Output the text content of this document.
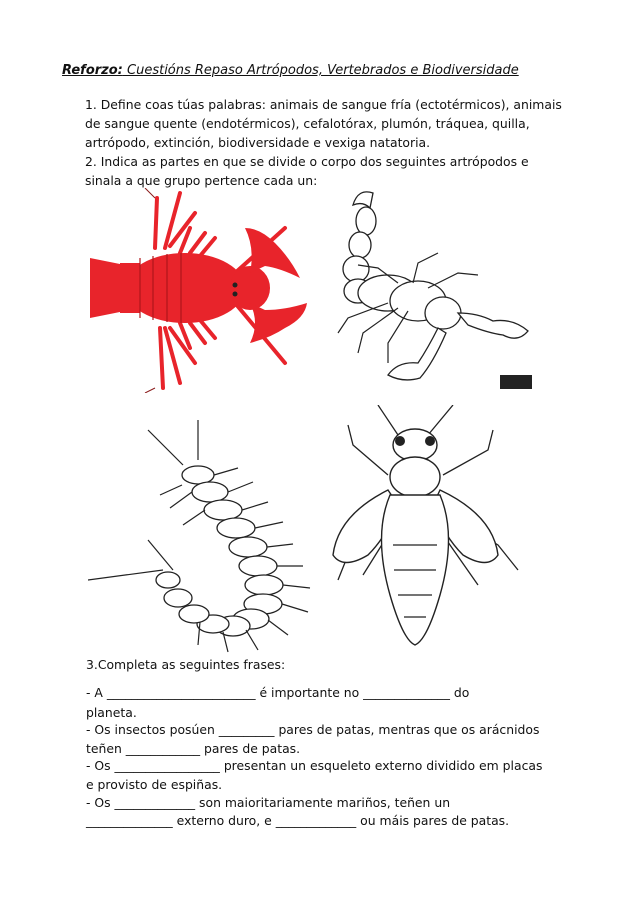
Reforzo: Cuestións Repaso Artrópodos, Vertebrados e Biodiversidade
1. Define coas túas palabras: animais de sangue fría (ectotérmicos), animais de sangue quente (endotérmicos), cefalotórax, plumón, tráquea, quilla, artrópodo, extinción, biodiversidade e vexiga natatoria.
2. Indica as partes en que se divide o corpo dos seguintes artrópodos e sinala a que grupo pertence cada un:
3.Completa as seguintes frases:
- A ________________________ é importante no ______________ do
planeta.
- Os insectos posúen _________ pares de patas, mentras que os arácnidos
teñen ____________ pares de patas.
- Os _________________ presentan un esqueleto externo dividido em placas
e provisto de espiñas.
- Os _____________ son maioritariamente mariños, teñen un
______________ externo duro, e _____________ ou máis pares de patas.
